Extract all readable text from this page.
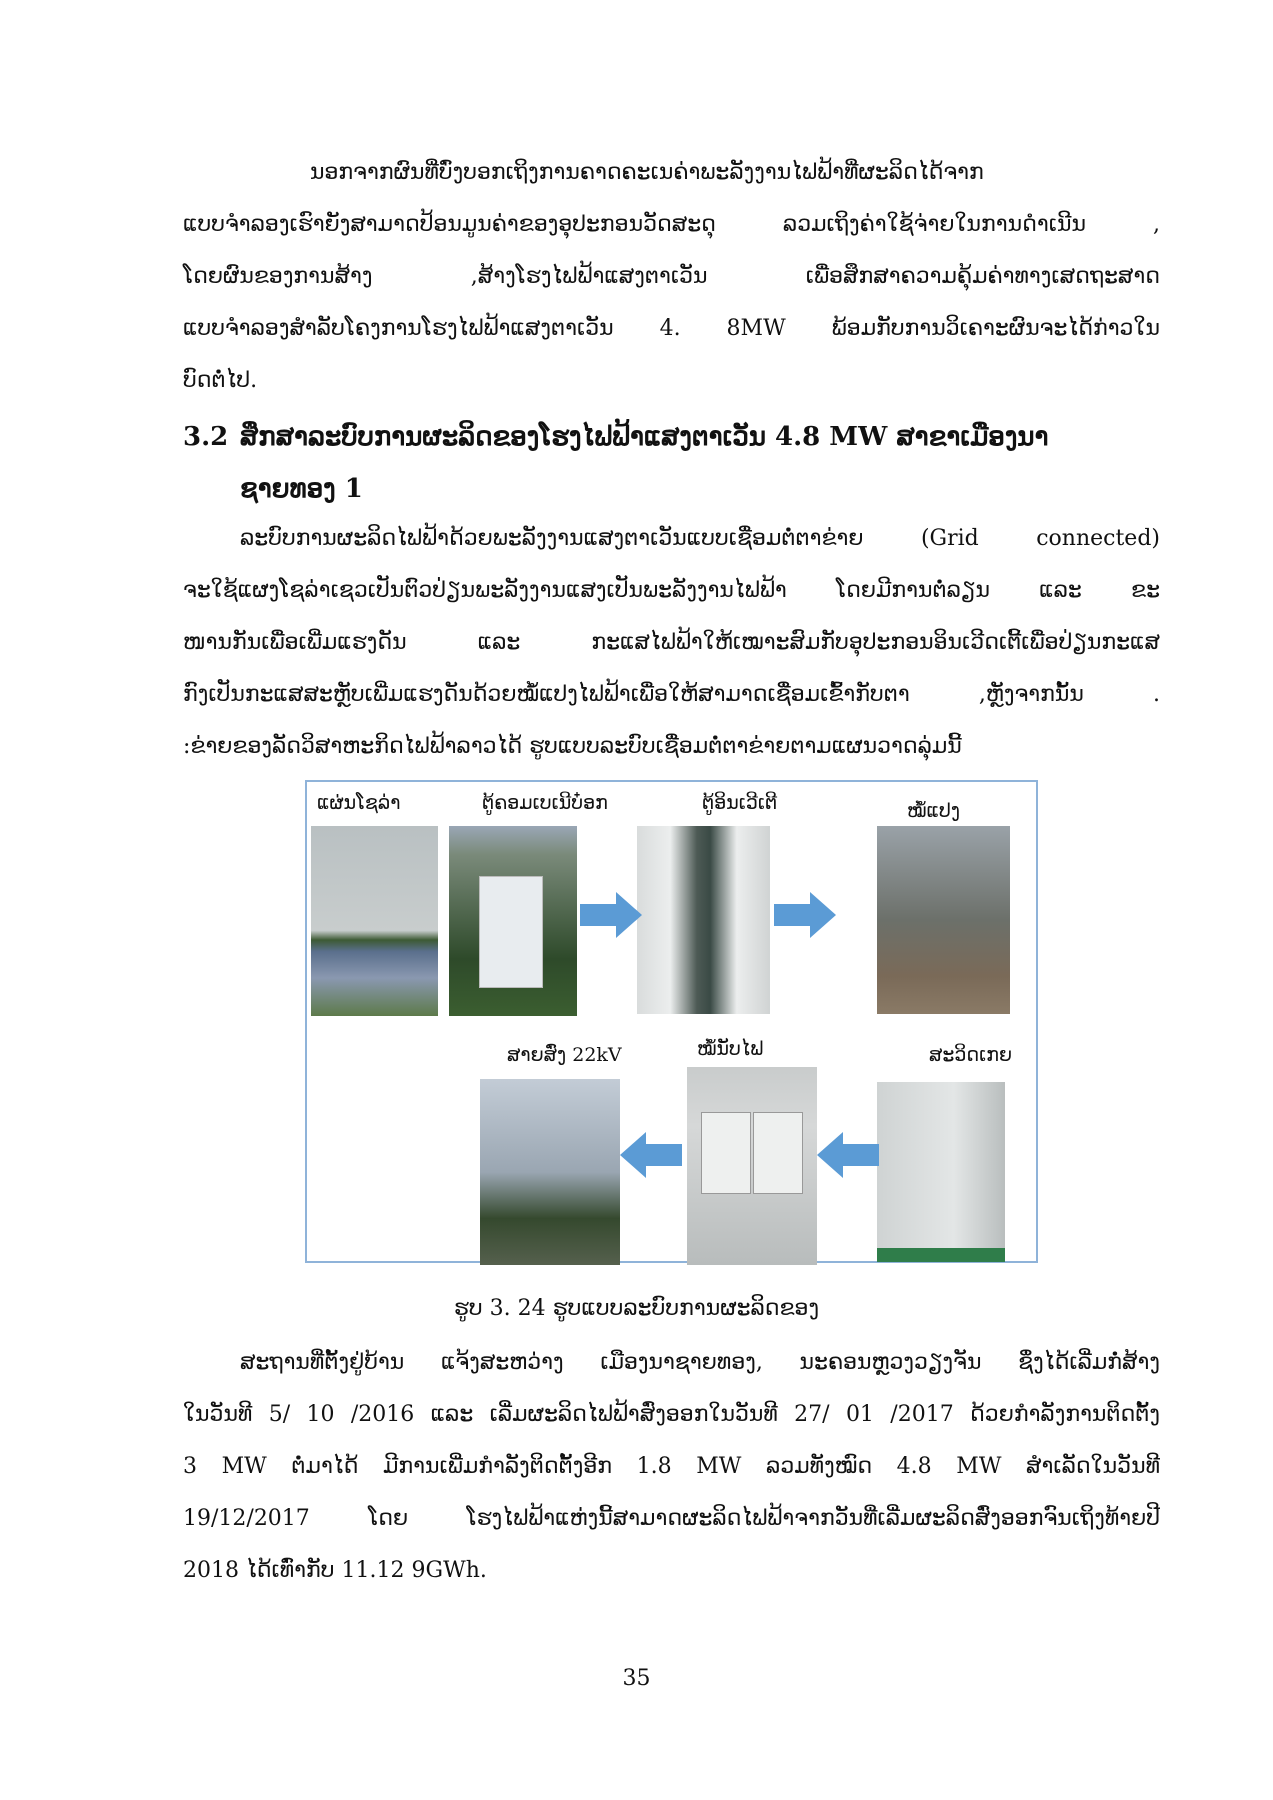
ນອກຈາກຜົນທີ່ບົ່ງບອກເຖິງການຄາດຄະເນຄ່າພະລັງງານໄຟຟ້າທີ່ຜະລິດໄດ້ຈາກ
ແບບຈຳລອງເຮົາຍັງສາມາດປ້ອນມູນຄ່າຂອງອຸປະກອນວັດສະດຸ ລວມເຖິງຄ່າໃຊ້ຈ່າຍໃນການດຳເນີນ ,
ໂດຍຜົນຂອງການສ້າງ ,ສ້າງໂຮງໄຟຟ້າແສງຕາເວັນ ເພື່ອສຶກສາຄວາມຄຸ້ມຄ່າທາງເສດຖະສາດ
ແບບຈຳລອງສຳລັບໂຄງການໂຮງໄຟຟ້າແສງຕາເວັນ 4. 8MW ພ້ອມກັບການວິເຄາະຜົນຈະໄດ້ກ່າວໃນ
ບົດຕໍ່ໄປ.
3.2 ສຶກສາລະບົບການຜະລິດຂອງໂຮງໄຟຟ້າແສງຕາເວັນ 4.8 MW ສາຂາເມືອງນາ
ຊາຍທອງ 1
ລະບົບການຜະລິດໄຟຟ້າດ້ວຍພະລັງງານແສງຕາເວັນແບບເຊື່ອມຕໍ່ຕາຂ່າຍ (Grid connected)
ຈະໃຊ້ແຜງໂຊລ່າເຊວເປັນຕົວປ່ຽນພະລັງງານແສງເປັນພະລັງງານໄຟຟ້າ ໂດຍມີການຕໍ່ລຽນ ແລະ ຂະ
ໜານກັນເພື່ອເພີ່ມແຮງດັນ ແລະ ກະແສໄຟຟ້າໃຫ້ເໝາະສົມກັບອຸປະກອນອິນເວີດເຕີ້ເພື່ອປ່ຽນກະແສ
ກົງເປັນກະແສສະຫຼັບເພີ່ມແຮງດັນດ້ວຍໝໍ້ແປງໄຟຟ້າເພື່ອໃຫ້ສາມາດເຊື່ອມເຂົ້າກັບຕາ ,ຫຼັງຈາກນັ້ນ .
:ຂ່າຍຂອງລັດວິສາຫະກິດໄຟຟ້າລາວໄດ້ ຮູບແບບລະບົບເຊື່ອມຕໍ່ຕາຂ່າຍຕາມແຜນວາດລຸ່ມນີ້
ແຜ່ນໂຊລ່າ	ຕູ້ຄອມເບເນີບ໋ອກ	ຕູ້ອິນເວີເຕີ	ໝໍ້ແປງ
ສາຍສົ່ງ 22kV	ໝໍ້ນັບໄຟ	ສະວິດເກຍ
ຮູບ 3. 24 ຮູບແບບລະບົບການຜະລິດຂອງ
ສະຖານທີ່ຕັ້ງຢູ່ບ້ານ ແຈ້ງສະຫວ່າງ ເມືອງນາຊາຍທອງ, ນະຄອນຫຼວງວຽງຈັນ ຊຶ່ງໄດ້ເລີ່ມກໍ່ສ້າງ
ໃນວັນທີ 5/ 10 /2016 ແລະ ເລີ່ມຜະລິດໄຟຟ້າສົ່ງອອກໃນວັນທີ 27/ 01 /2017 ດ້ວຍກຳລັງການຕິດຕັ້ງ
3 MW ຕໍ່ມາໄດ້ ມີການເພີ່ມກຳລັງຕິດຕັ້ງອີກ 1.8 MW ລວມທັງໝົດ 4.8 MW ສຳເລັດໃນວັນທີ
19/12/2017 ໂດຍ ໂຮງໄຟຟ້າແຫ່ງນີ້ສາມາດຜະລິດໄຟຟ້າຈາກວັນທີ່ເລີ່ມຜະລິດສົ່ງອອກຈົນເຖິງທ້າຍປີ
2018 ໄດ້ເທົ່າກັບ 11.12 9GWh.
35
